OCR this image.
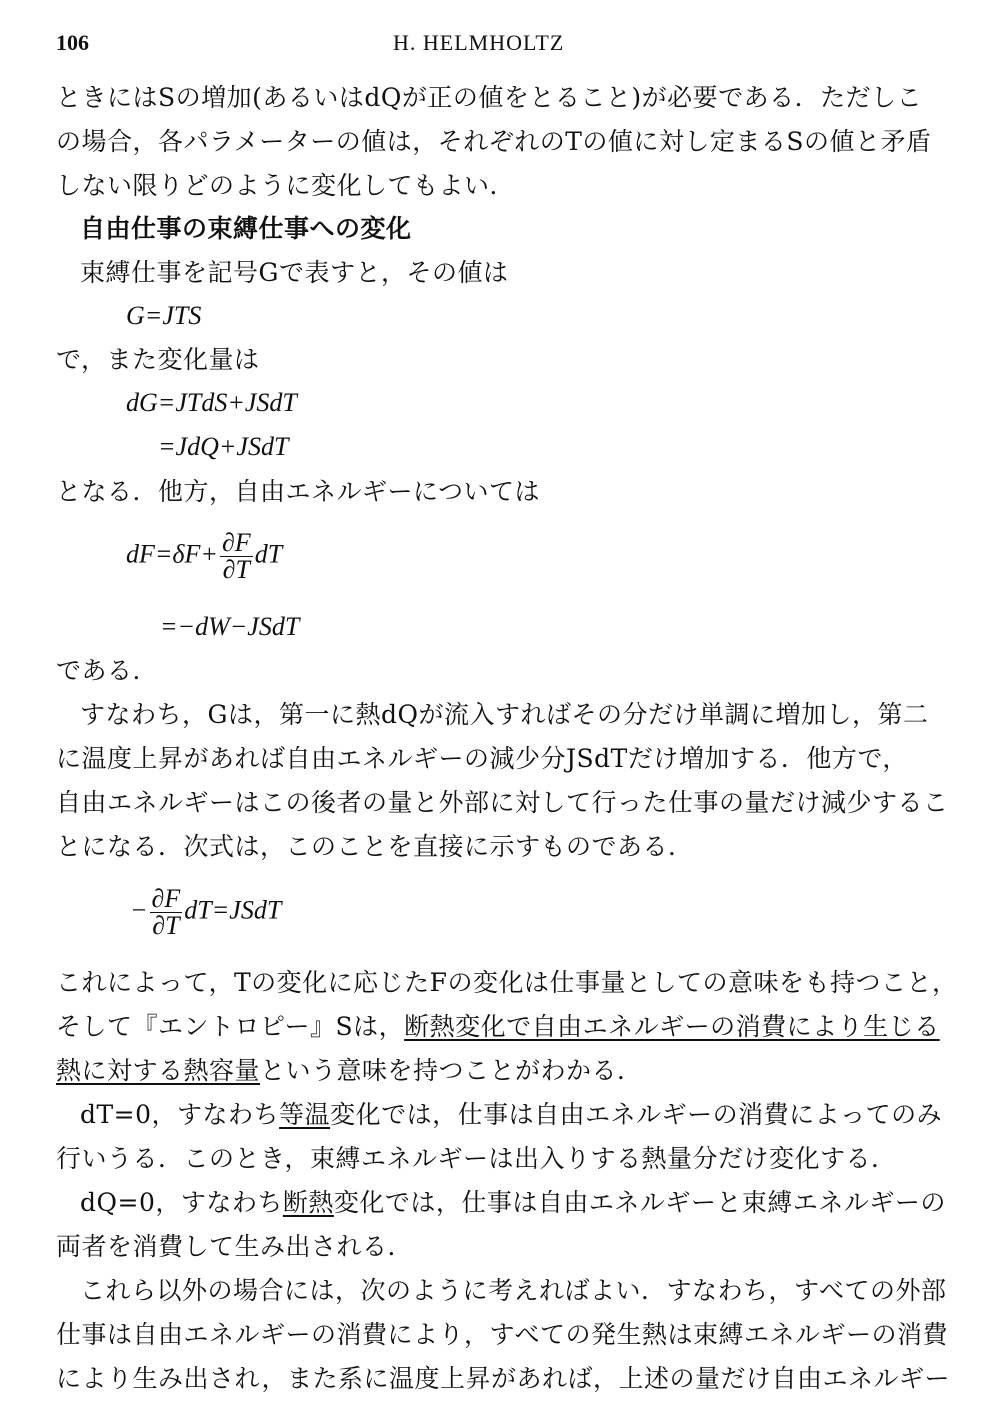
106	H. HELMHOLTZ
ときにはSの増加(あるいはdQが正の値をとること)が必要である．ただしこ
の場合，各パラメーターの値は，それぞれのTの値に対し定まるSの値と矛盾
しない限りどのように変化してもよい．
自由仕事の束縛仕事への変化
束縛仕事を記号Gで表すと，その値は
G=JTS
で，また変化量は
dG=JTdS+JSdT
=JdQ+JSdT
となる．他方，自由エネルギーについては
$dF=\delta F+ \frac{\partial F}{\partial T}$ dT
=−dW−JSdT
である．
すなわち，Gは，第一に熱dQが流入すればその分だけ単調に増加し，第二
に温度上昇があれば自由エネルギーの減少分JSdTだけ増加する．他方で，
自由エネルギーはこの後者の量と外部に対して行った仕事の量だけ減少するこ
とになる．次式は，このことを直接に示すものである．
− $\frac{\partial F}{\partial T}$ dT=JSdT
これによって，Tの変化に応じたFの変化は仕事量としての意味をも持つこと，
そして『エントロピー』Sは，断熱変化で自由エネルギーの消費により生じる
熱に対する熱容量という意味を持つことがわかる．
dT=0，すなわち等温変化では，仕事は自由エネルギーの消費によってのみ
行いうる．このとき，束縛エネルギーは出入りする熱量分だけ変化する．
dQ=0，すなわち断熱変化では，仕事は自由エネルギーと束縛エネルギーの
両者を消費して生み出される．
これら以外の場合には，次のように考えればよい．すなわち，すべての外部
仕事は自由エネルギーの消費により，すべての発生熱は束縛エネルギーの消費
により生み出され，また系に温度上昇があれば，上述の量だけ自由エネルギー
